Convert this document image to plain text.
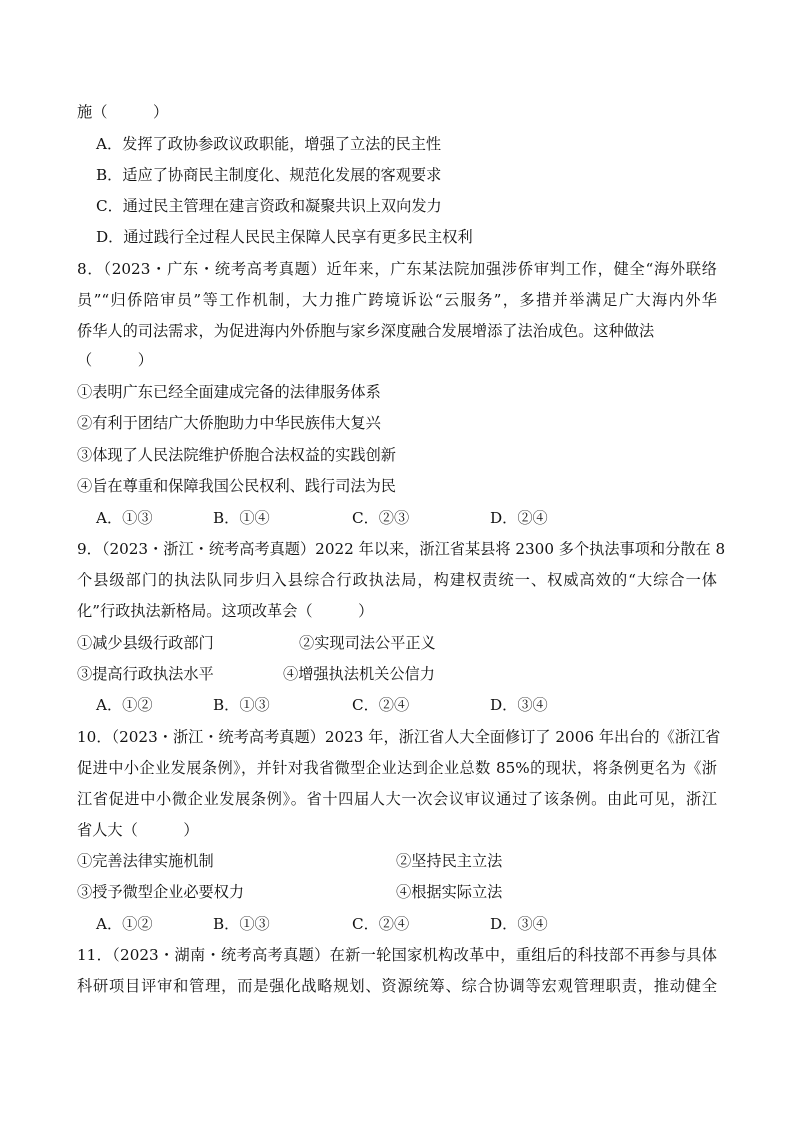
施（　　　）
A．发挥了政协参政议政职能，增强了立法的民主性
B．适应了协商民主制度化、规范化发展的客观要求
C．通过民主管理在建言资政和凝聚共识上双向发力
D．通过践行全过程人民民主保障人民享有更多民主权利
8．（2023・广东・统考高考真题）近年来，广东某法院加强涉侨审判工作，健全“海外联络
员”“归侨陪审员”等工作机制，大力推广跨境诉讼“云服务”，多措并举满足广大海内外华
侨华人的司法需求，为促进海内外侨胞与家乡深度融合发展增添了法治成色。这种做法
（　　　）
①表明广东已经全面建成完备的法律服务体系
②有利于团结广大侨胞助力中华民族伟大复兴
③体现了人民法院维护侨胞合法权益的实践创新
④旨在尊重和保障我国公民权利、践行司法为民
A．①③	B．①④	C．②③	D．②④
9．（2023・浙江・统考高考真题）2022 年以来，浙江省某县将 2300 多个执法事项和分散在 8
个县级部门的执法队同步归入县综合行政执法局，构建权责统一、权威高效的“大综合一体
化”行政执法新格局。这项改革会（　　　）
①减少县级行政部门	②实现司法公平正义
③提高行政执法水平	④增强执法机关公信力
A．①②	B．①③	C．②④	D．③④
10．（2023・浙江・统考高考真题）2023 年，浙江省人大全面修订了 2006 年出台的《浙江省
促进中小企业发展条例》，并针对我省微型企业达到企业总数 85%的现状，将条例更名为《浙
江省促进中小微企业发展条例》。省十四届人大一次会议审议通过了该条例。由此可见，浙江
省人大（　　　）
①完善法律实施机制	②坚持民主立法
③授予微型企业必要权力	④根据实际立法
A．①②	B．①③	C．②④	D．③④
11．（2023・湖南・统考高考真题）在新一轮国家机构改革中，重组后的科技部不再参与具体
科研项目评审和管理，而是强化战略规划、资源统筹、综合协调等宏观管理职责，推动健全
